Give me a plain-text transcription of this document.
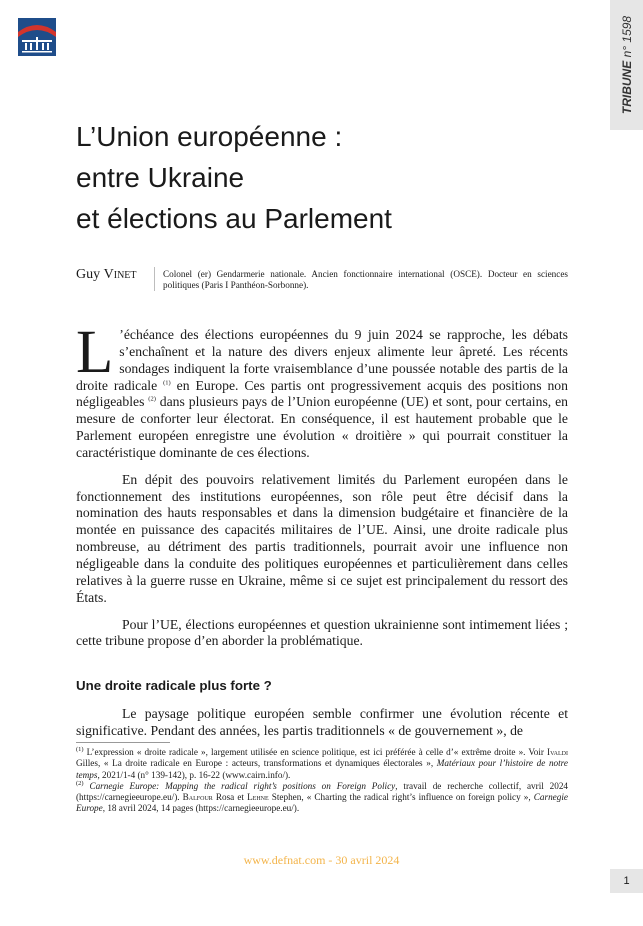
TRIBUNE n° 1598
L’Union européenne :
entre Ukraine
et élections au Parlement
Guy Vinet	Colonel (er) Gendarmerie nationale. Ancien fonctionnaire international (OSCE). Docteur en sciences politiques (Paris I Panthéon-Sorbonne).

L ’échéance des élections européennes du 9 juin 2024 se rapproche, les débats s’enchaînent et la nature des divers enjeux alimente leur âpreté. Les récents sondages indiquent la forte vraisemblance d’une poussée notable des partis de la droite radicale $^{(1)}$ en Europe. Ces partis ont progressivement acquis des positions non négligeables $^{(2)}$ dans plusieurs pays de l’Union européenne (UE) et sont, pour certains, en mesure de conforter leur électorat. En conséquence, il est hautement probable que le Parlement européen enregistre une évolution « droitière » qui pourrait constituer la caractéristique dominante de ces élections.

En dépit des pouvoirs relativement limités du Parlement européen dans le fonctionnement des institutions européennes, son rôle peut être décisif dans la nomination des hauts responsables et dans la dimension budgétaire et financière de la montée en puissance des capacités militaires de l’UE. Ainsi, une droite radicale plus nombreuse, au détriment des partis traditionnels, pourrait avoir une influence non négligeable dans la conduite des politiques européennes et particulièrement dans celles relatives à la guerre russe en Ukraine, même si ce sujet est principalement du ressort des États.

Pour l’UE, élections européennes et question ukrainienne sont intimement liées ; cette tribune propose d’en aborder la problématique.

Une droite radicale plus forte ?

Le paysage politique européen semble confirmer une évolution récente et significative. Pendant des années, les partis traditionnels « de gouvernement », de

$^{(1)}$ L’expression « droite radicale », largement utilisée en science politique, est ici préférée à celle d’« extrême droite ». Voir Ivaldi Gilles, « La droite radicale en Europe : acteurs, transformations et dynamiques électorales », Matériaux pour l’histoire de notre temps, 2021/1-4 (n° 139-142), p. 16-22 (www.cairn.info/).

$^{(2)}$ Carnegie Europe: Mapping the radical right’s positions on Foreign Policy, travail de recherche collectif, avril 2024 (https://carnegieeurope.eu/). Balfour Rosa et Lehne Stephen, « Charting the radical right’s influence on foreign policy », Carnegie Europe, 18 avril 2024, 14 pages (https://carnegieeurope.eu/).

www.defnat.com - 30 avril 2024
1
